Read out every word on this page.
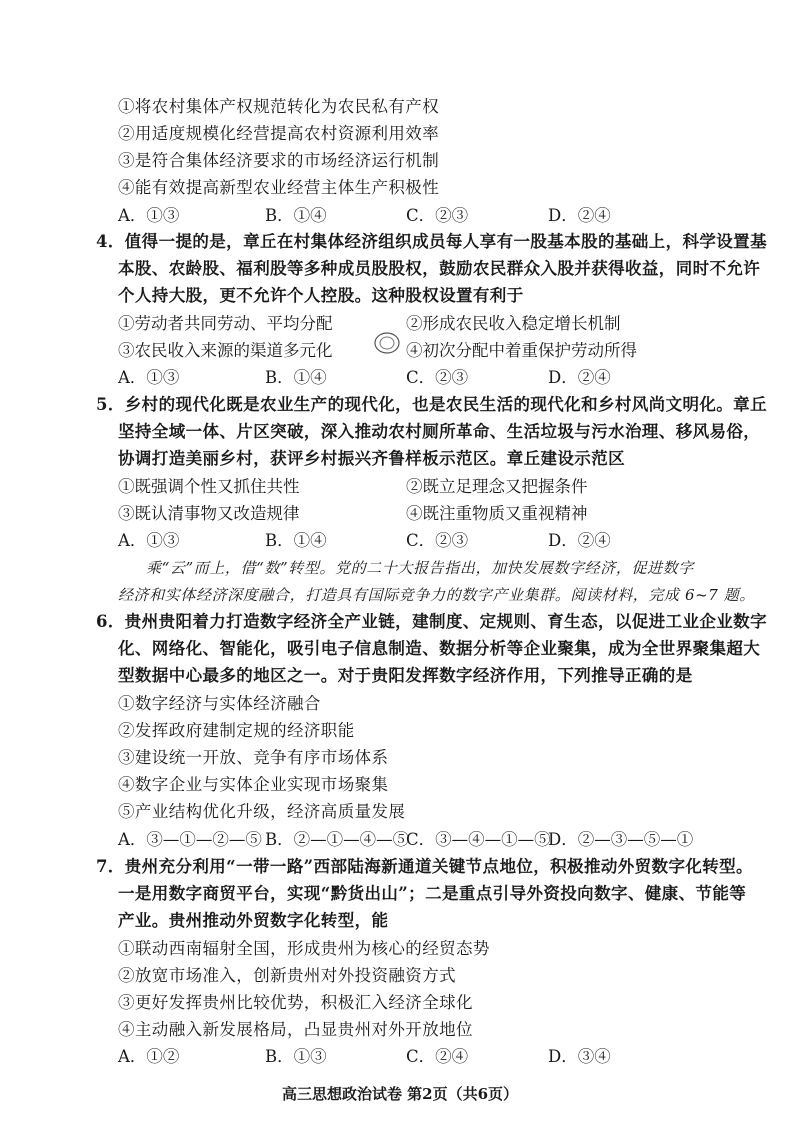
①将农村集体产权规范转化为农民私有产权
②用适度规模化经营提高农村资源利用效率
③是符合集体经济要求的市场经济运行机制
④能有效提高新型农业经营主体生产积极性
A．①③	B．①④	C．②③	D．②④
4．值得一提的是，章丘在村集体经济组织成员每人享有一股基本股的基础上，科学设置基
本股、农龄股、福利股等多种成员股股权，鼓励农民群众入股并获得收益，同时不允许
个人持大股，更不允许个人控股。这种股权设置有利于
①劳动者共同劳动、平均分配	②形成农民收入稳定增长机制
③农民收入来源的渠道多元化	④初次分配中着重保护劳动所得
A．①③	B．①④	C．②③	D．②④
5．乡村的现代化既是农业生产的现代化，也是农民生活的现代化和乡村风尚文明化。章丘
坚持全域一体、片区突破，深入推动农村厕所革命、生活垃圾与污水治理、移风易俗，
协调打造美丽乡村，获评乡村振兴齐鲁样板示范区。章丘建设示范区
①既强调个性又抓住共性	②既立足理念又把握条件
③既认清事物又改造规律	④既注重物质又重视精神
A．①③	B．①④	C．②③	D．②④
乘“云”而上，借“数”转型。党的二十大报告指出，加快发展数字经济，促进数字
经济和实体经济深度融合，打造具有国际竞争力的数字产业集群。阅读材料，完成 6~7 题。
6．贵州贵阳着力打造数字经济全产业链，建制度、定规则、育生态，以促进工业企业数字
化、网络化、智能化，吸引电子信息制造、数据分析等企业聚集，成为全世界聚集超大
型数据中心最多的地区之一。对于贵阳发挥数字经济作用，下列推导正确的是
①数字经济与实体经济融合
②发挥政府建制定规的经济职能
③建设统一开放、竞争有序市场体系
④数字企业与实体企业实现市场聚集
⑤产业结构优化升级，经济高质量发展
A．③—①—②—⑤ B．②—①—④—⑤
C．③—④—①—⑤
D．②—③—⑤—①
7．贵州充分利用“一带一路”西部陆海新通道关键节点地位，积极推动外贸数字化转型。
一是用数字商贸平台，实现“黔货出山”；二是重点引导外资投向数字、健康、节能等
产业。贵州推动外贸数字化转型，能
①联动西南辐射全国，形成贵州为核心的经贸态势
②放宽市场准入，创新贵州对外投资融资方式
③更好发挥贵州比较优势，积极汇入经济全球化
④主动融入新发展格局，凸显贵州对外开放地位
A．①②	B．①③	C．②④	D．③④
高三思想政治试卷 第2页（共6页）
